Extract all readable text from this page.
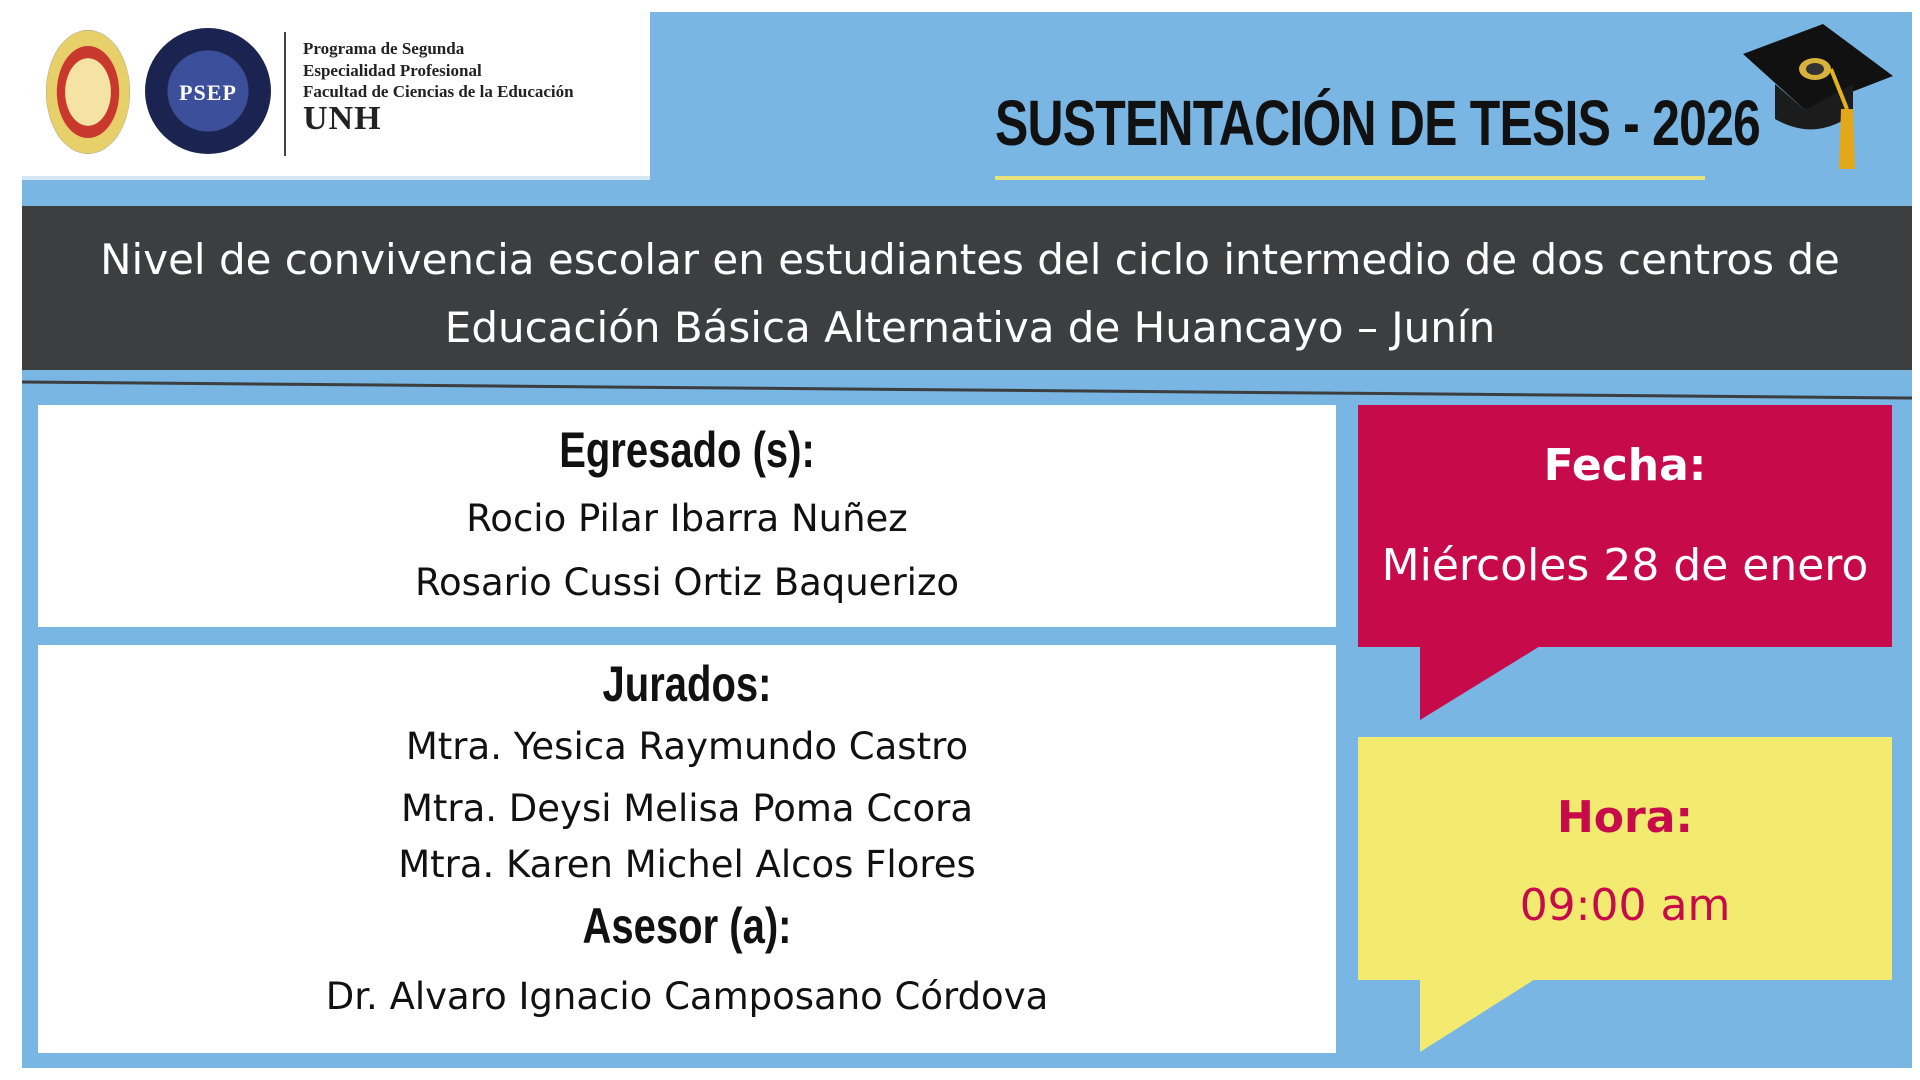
PSEP
Programa de Segunda
Especialidad Profesional
Facultad de Ciencias de la Educación
UNH	SUSTENTACIÓN DE TESIS - 2026
Nivel de convivencia escolar en estudiantes del ciclo intermedio de dos centros de
Educación Básica Alternativa de Huancayo – Junín
Egresado (s):
Rocio Pilar Ibarra Nuñez
Rosario Cussi Ortiz Baquerizo
Jurados:
Mtra. Yesica Raymundo Castro
Mtra. Deysi Melisa Poma Ccora
Mtra. Karen Michel Alcos Flores
Asesor (a):
Dr. Alvaro Ignacio Camposano Córdova
Fecha:
Miércoles 28 de enero
Hora:
09:00 am
